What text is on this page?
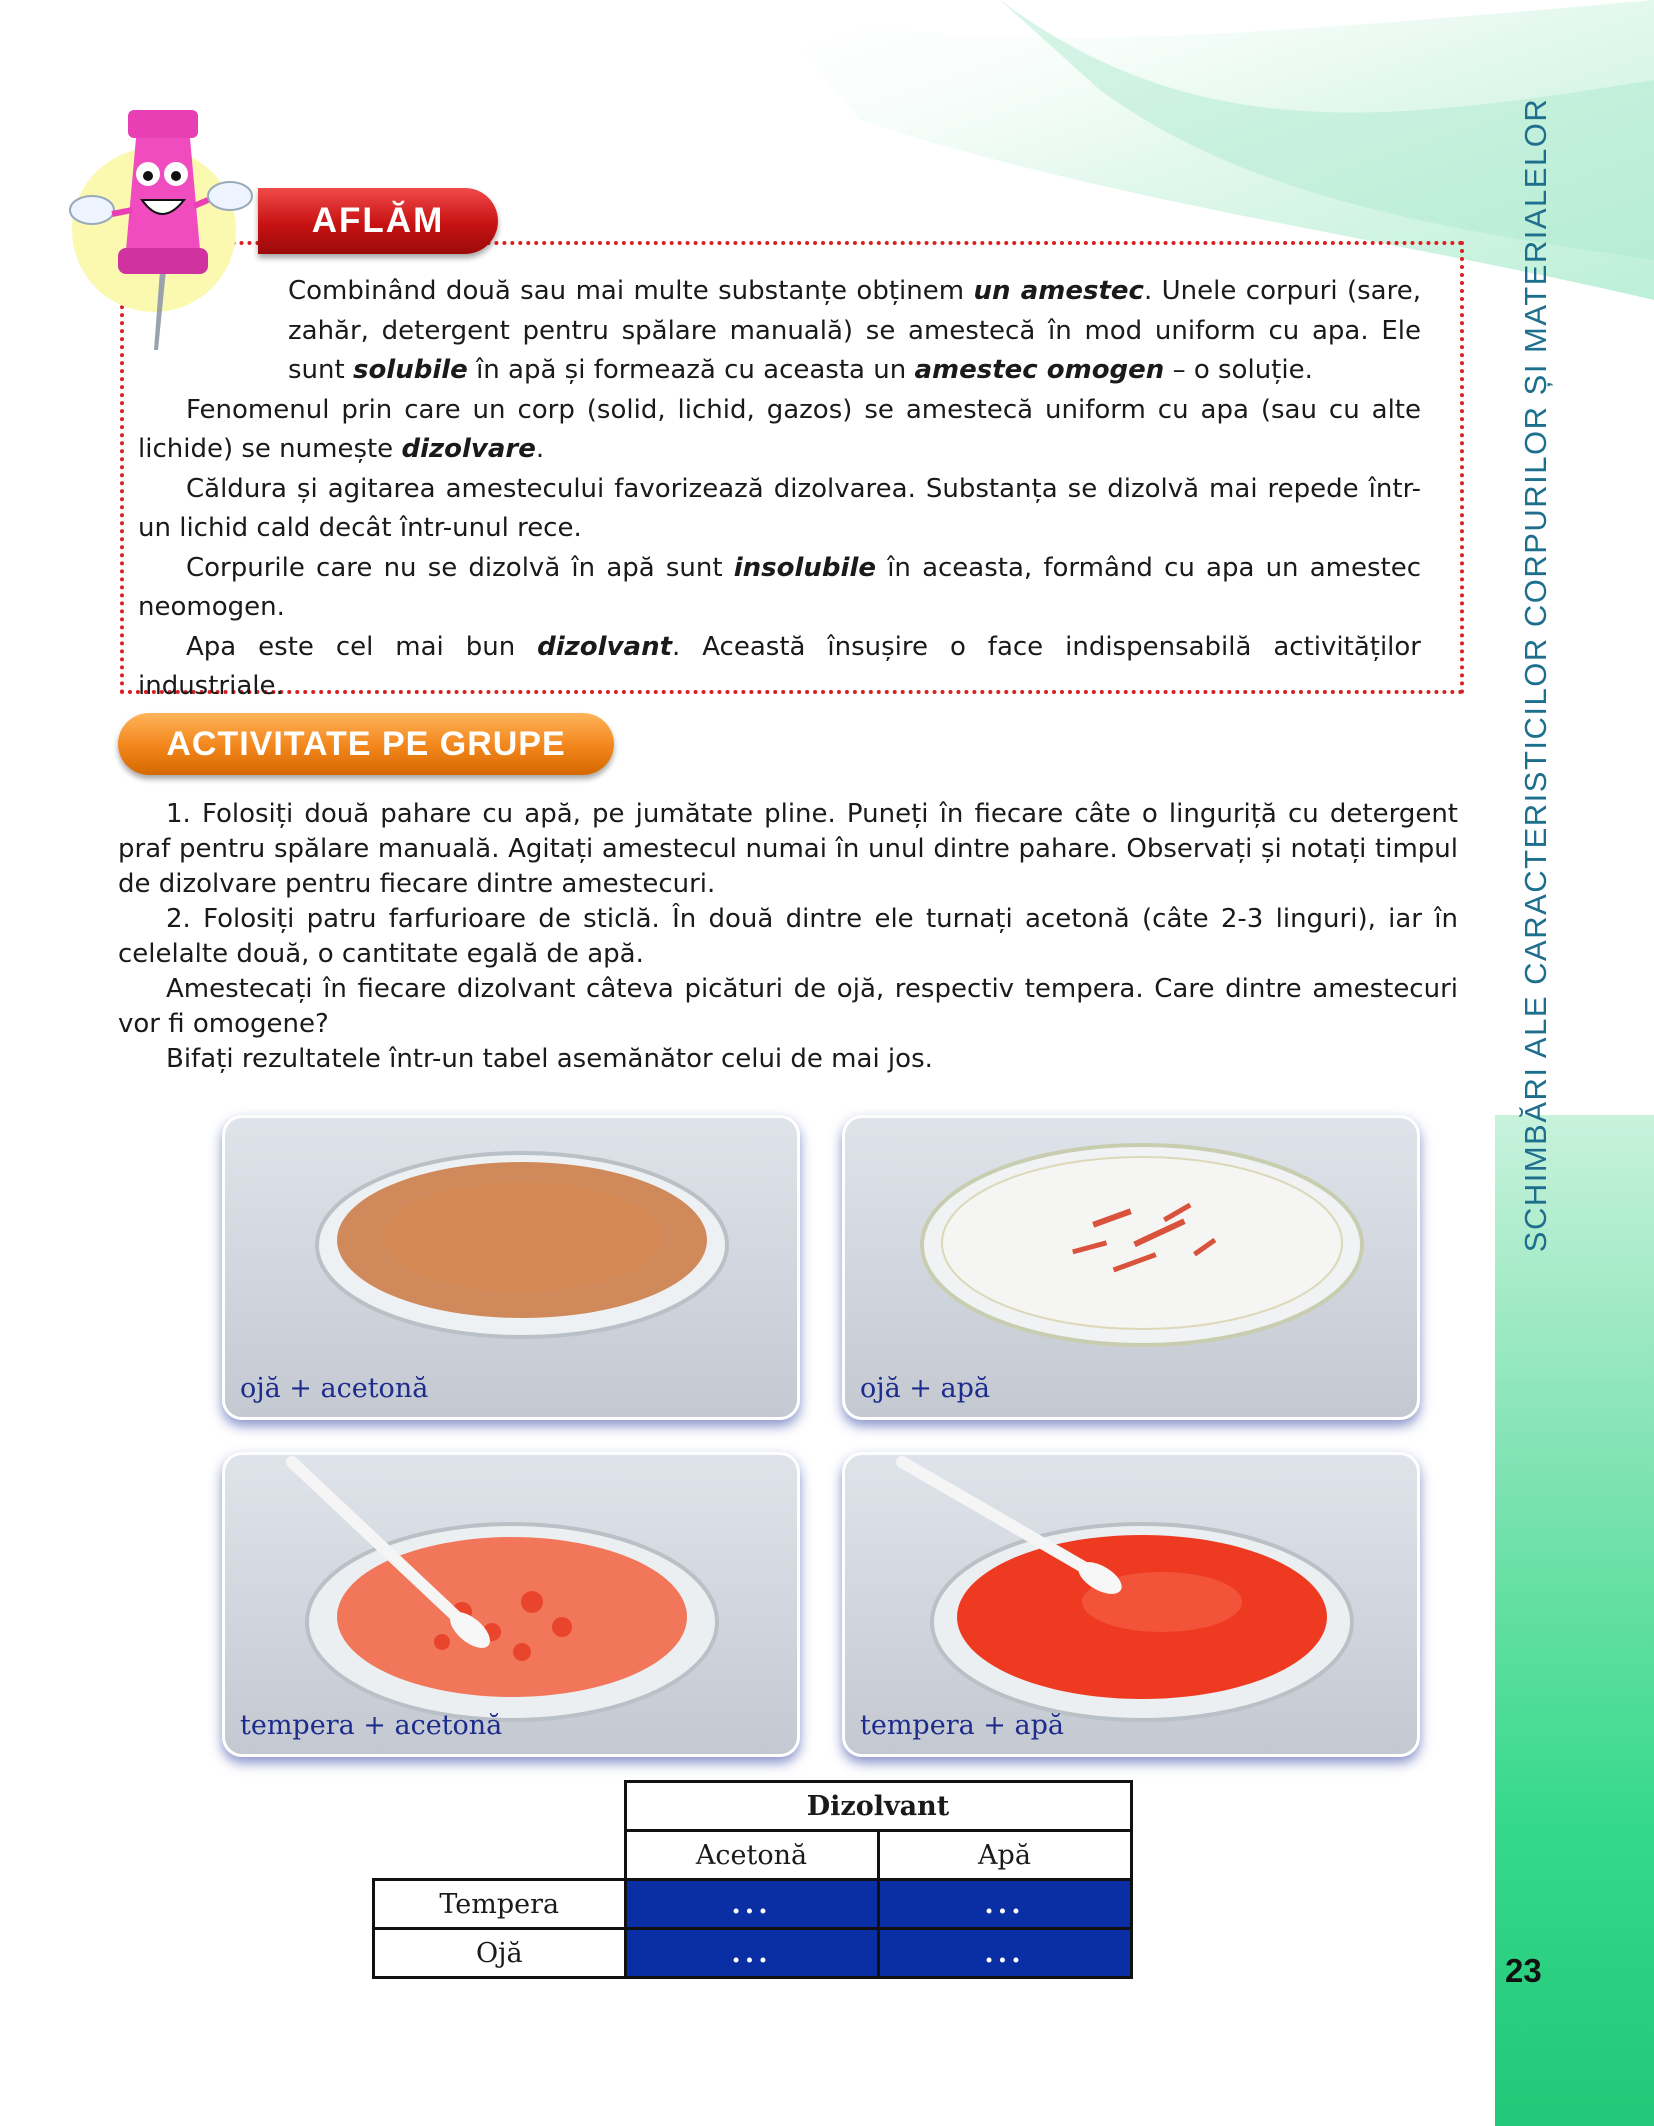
SCHIMBĂRI ALE CARACTERISTICILOR CORPURILOR ȘI MATERIALELOR
AFLĂM

Combinând două sau mai multe substanțe obținem un amestec. Unele corpuri (sare, zahăr, detergent pentru spălare manuală) se amestecă în mod uniform cu apa. Ele sunt solubile în apă și formează cu aceasta un amestec omogen – o soluție.

Fenomenul prin care un corp (solid, lichid, gazos) se amestecă uniform cu apa (sau cu alte lichide) se numește dizolvare.

Căldura și agitarea amestecului favorizează dizolvarea. Substanța se dizolvă mai repede într-un lichid cald decât într-unul rece.

Corpurile care nu se dizolvă în apă sunt insolubile în aceasta, formând cu apa un amestec neomogen.

Apa este cel mai bun dizolvant. Această însușire o face indispensabilă activităților industriale.

ACTIVITATE PE GRUPE

1. Folosiți două pahare cu apă, pe jumătate pline. Puneți în fiecare câte o linguriță cu detergent praf pentru spălare manuală. Agitați amestecul numai în unul dintre pahare. Observați și notați timpul de dizolvare pentru fiecare dintre amestecuri.

2. Folosiți patru farfurioare de sticlă. În două dintre ele turnați acetonă (câte 2-3 linguri), iar în celelalte două, o cantitate egală de apă.

Amestecați în fiecare dizolvant câteva picături de ojă, respectiv tempera. Care dintre amestecuri vor fi omogene?

Bifați rezultatele într-un tabel asemănător celui de mai jos.

ojă + acetonă	ojă + apă
tempera + acetonă	tempera + apă
	Dizolvant	
	Acetonă	Apă
Tempera	...	...
Ojă	...	...	23
